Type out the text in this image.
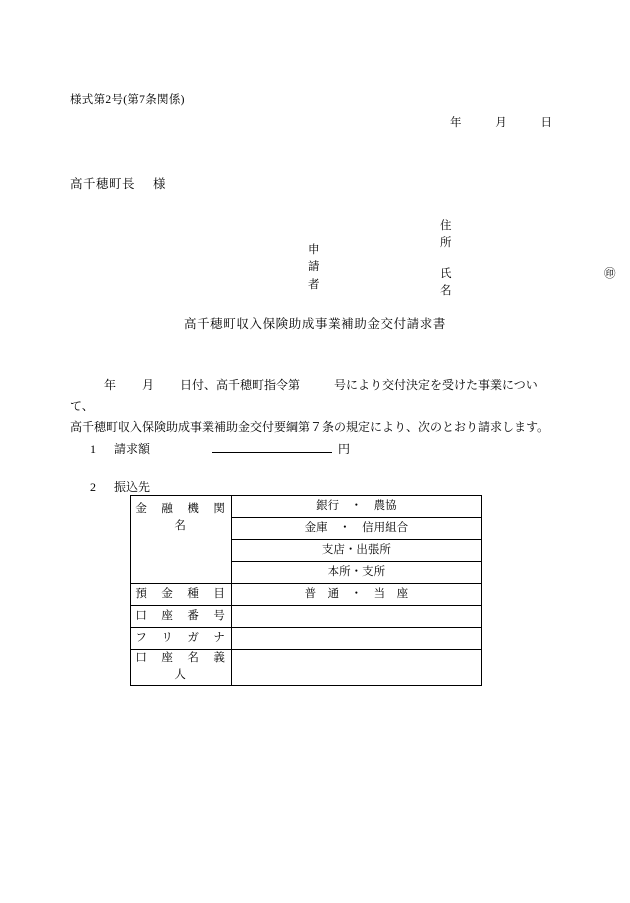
様式第2号(第7条関係)
年	月	日
高千穂町長 様
申請者
住　所
氏　名
㊞
高千穂町収入保険助成事業補助金交付請求書
年 月 日付、高千穂町指令第	号により交付決定を受けた事業について、
高千穂町収入保険助成事業補助金交付要綱第７条の規定により、次のとおり請求します。
1 請求額	円
2 振込先
金　融　機　関　名	銀行　・　農協
	金庫　・　信用組合
	支店・出張所
	本所・支所
預　金　種　目	普　通　・　当　座
口　座　番　号	
フ　リ　ガ　ナ	
口　座　名　義　人	
